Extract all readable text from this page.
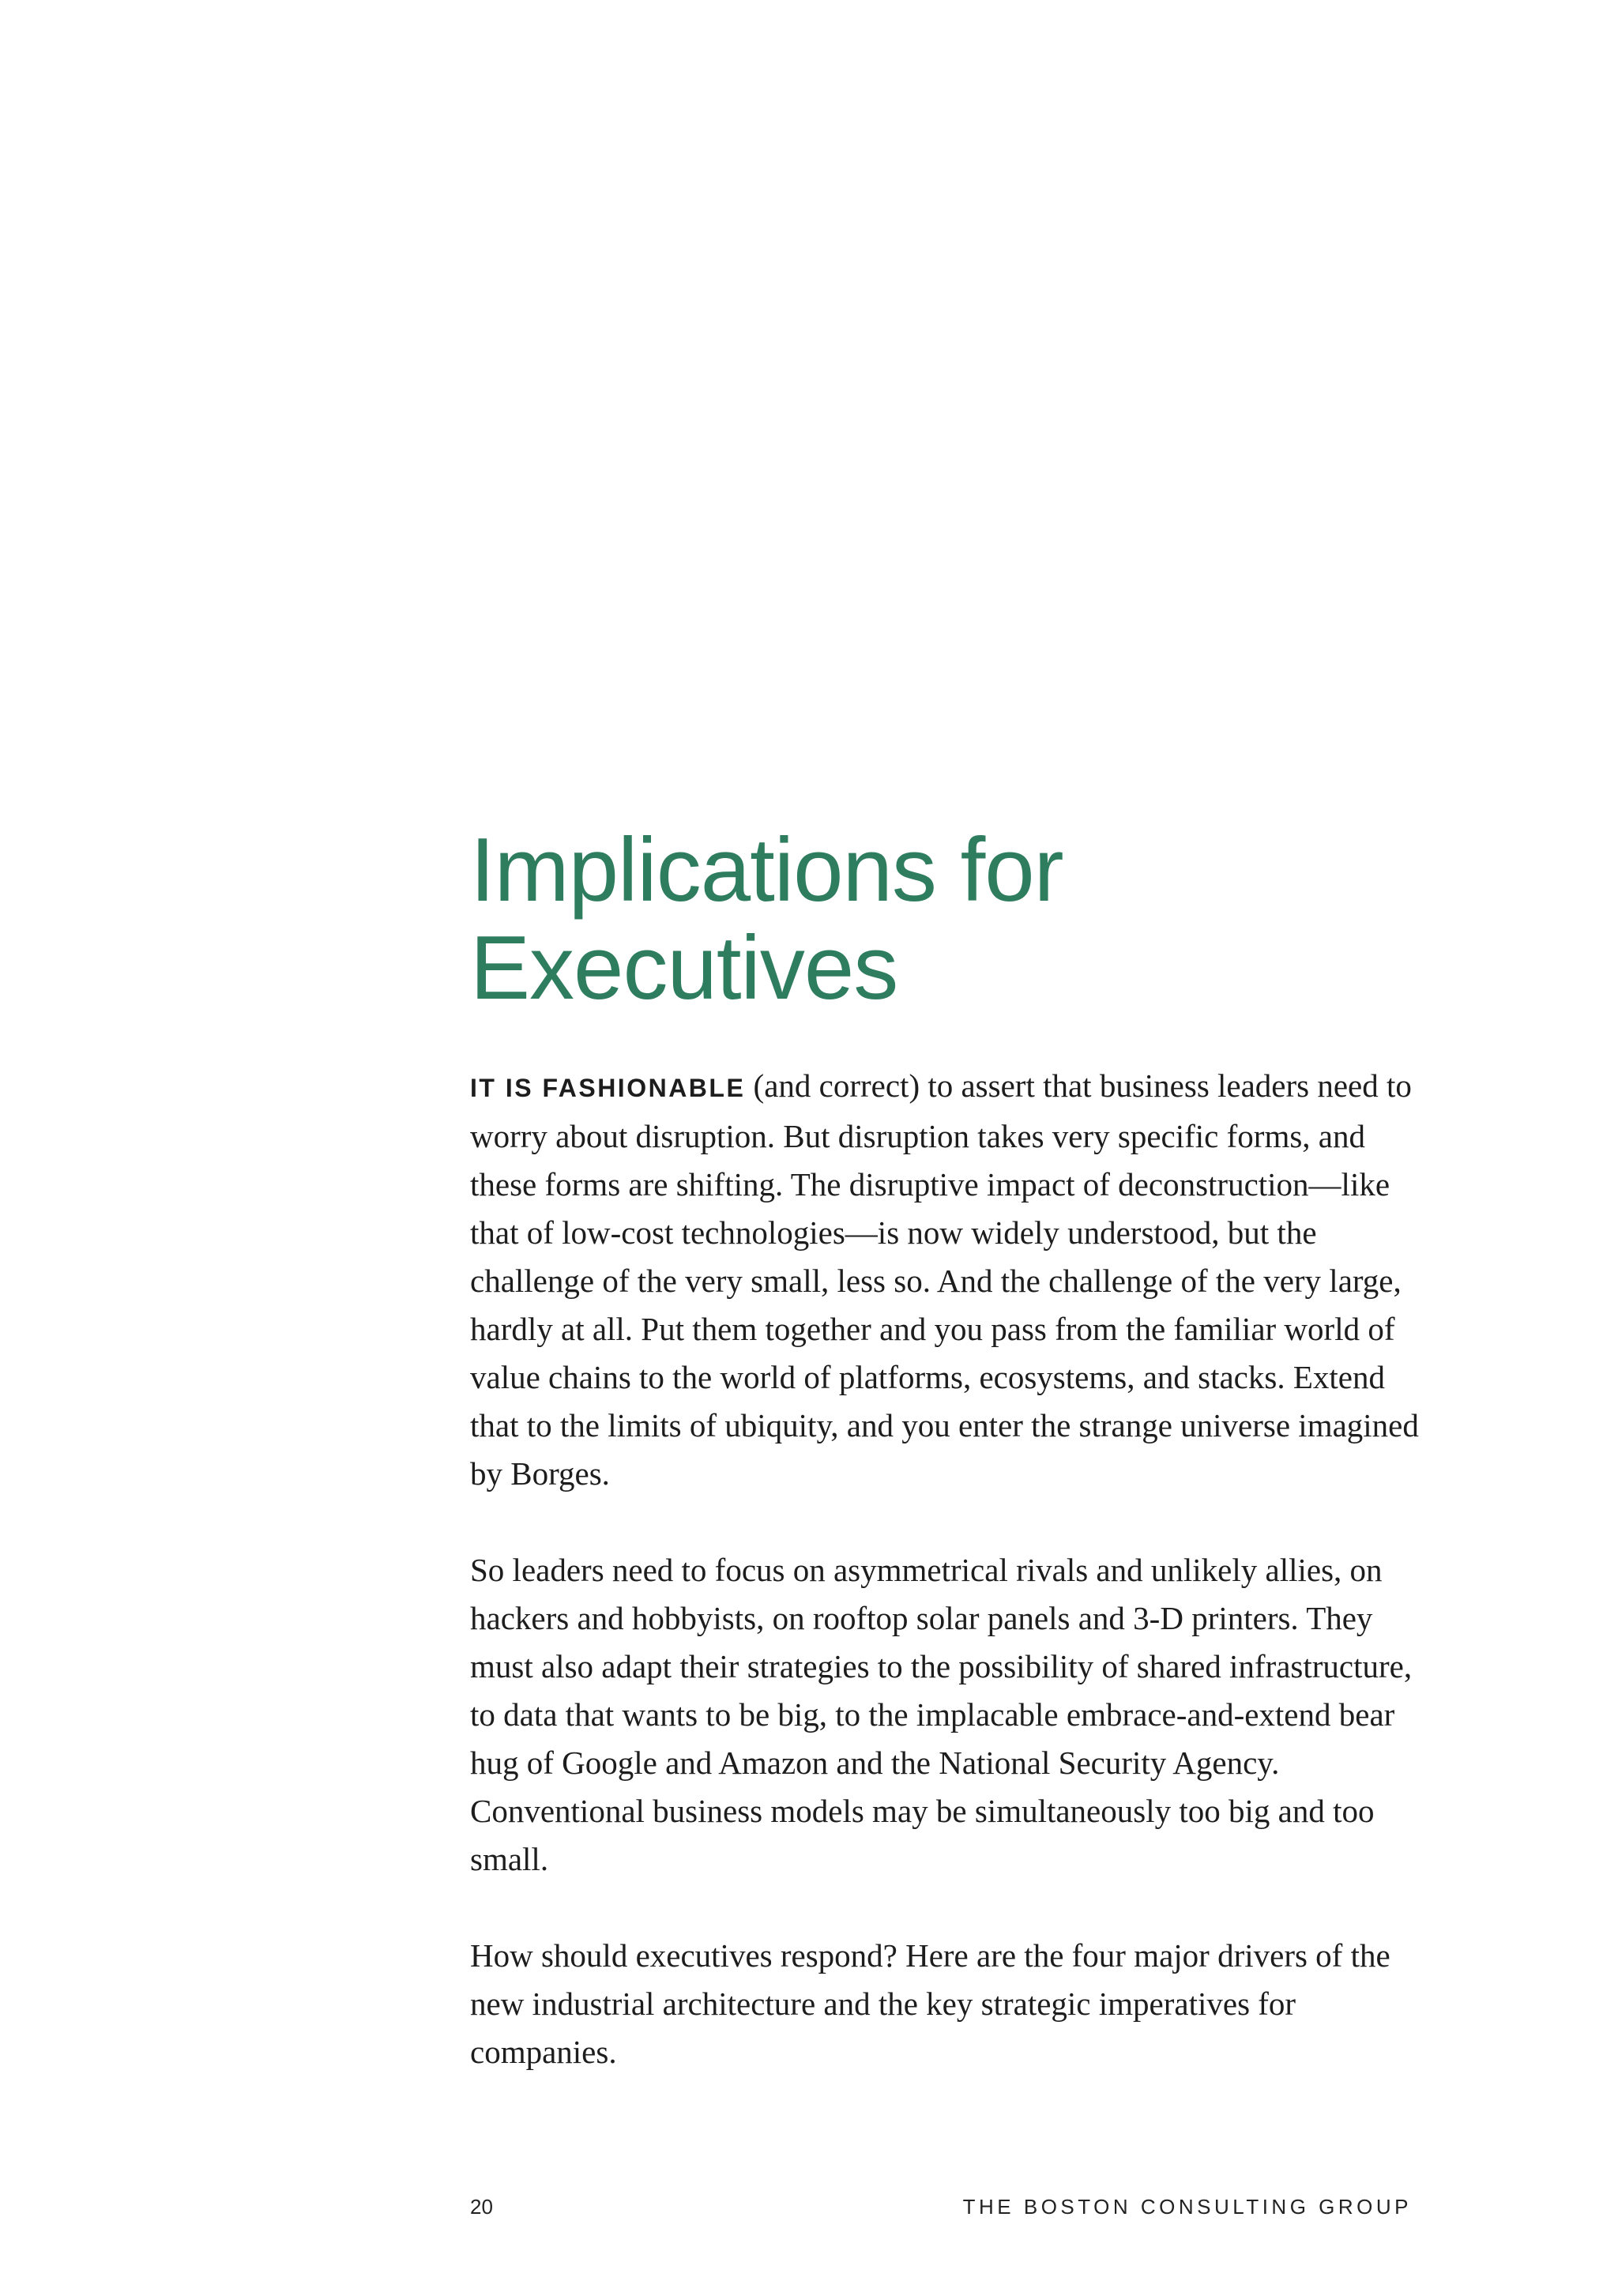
Implications for
Executives

IT IS FASHIONABLE (and correct) to assert that business leaders need to worry about disruption. But disruption takes very specific forms, and these forms are shifting. The disruptive impact of deconstruction—like that of low-cost technologies—is now widely understood, but the challenge of the very small, less so. And the challenge of the very large, hardly at all. Put them together and you pass from the familiar world of value chains to the world of platforms, ecosystems, and stacks. Extend that to the limits of ubiquity, and you enter the strange universe imagined by Borges.

So leaders need to focus on asymmetrical rivals and unlikely allies, on hackers and hobbyists, on rooftop solar panels and 3-D printers. They must also adapt their strategies to the possibility of shared infrastructure, to data that wants to be big, to the implacable embrace-and-extend bear hug of Google and Amazon and the National Security Agency. Conventional business models may be simultaneously too big and too small.

How should executives respond? Here are the four major drivers of the new industrial architecture and the key strategic imperatives for companies.

20	THE BOSTON CONSULTING GROUP
